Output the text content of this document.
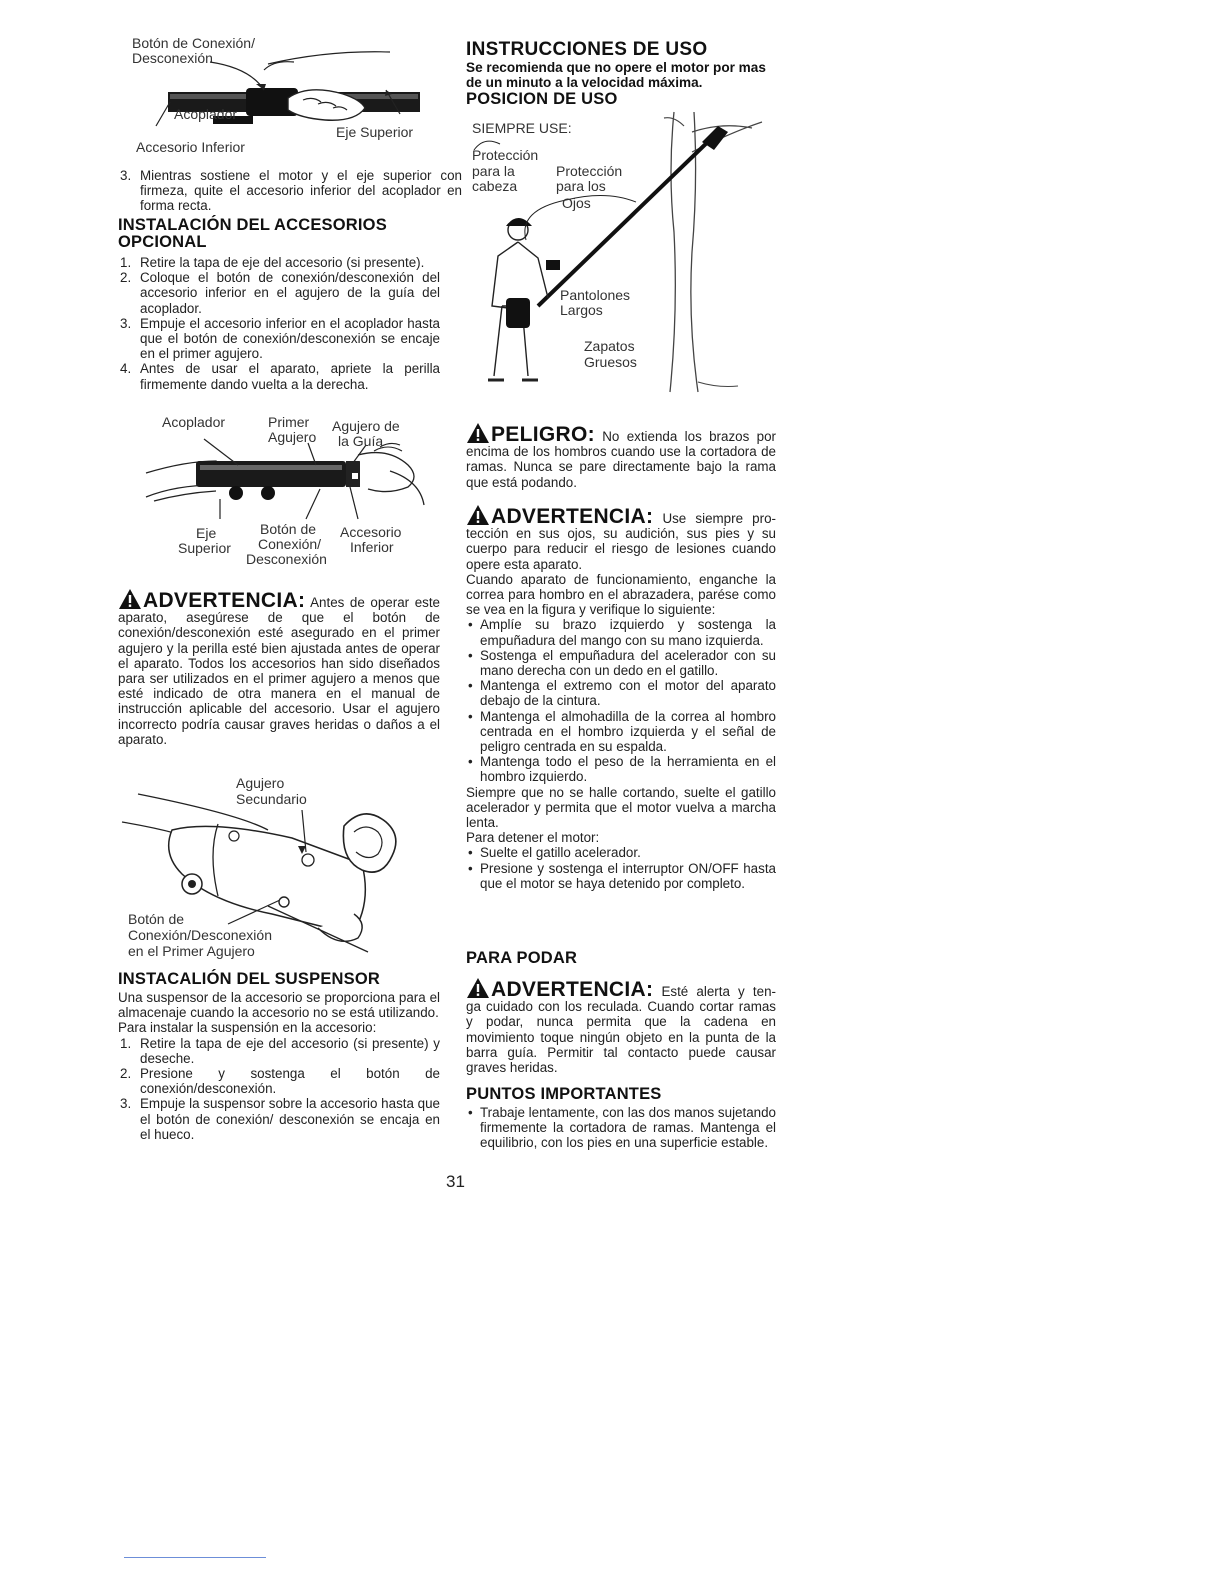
Botón de Conexión/
Desconexión
Acoplador
Eje Superior
Accesorio Inferior
3. Mientras sostiene el motor y el eje superior con firmeza, quite el accesorio inferior del acoplador en forma recta.
INSTALACIÓN DEL ACCESORIOS OPCIONAL
1. Retire la tapa de eje del accesorio (si presente).
2. Coloque el botón de conexión/desconexión del accesorio inferior en el agujero de la guía del acoplador.
3. Empuje el accesorio inferior en el acoplador hasta que el botón de conexión/desconexión se encaje en el primer agujero.
4. Antes de usar el aparato, apriete la perilla firmemente dando vuelta a la derecha.
Acoplador	Primer
Agujero
Agujero de
la Guía
Eje
Superior
Botón de
Conexión/
Desconexión
Accesorio
Inferior
ADVERTENCIA: Antes de operar este aparato, asegúrese de que el botón de conexión/desconexión esté asegurado en el primer agujero y la perilla esté bien ajustada antes de operar el aparato. Todos los accesorios han sido diseñados para ser utilizados en el primer agujero a menos que esté indicado de otra manera en el manual de instrucción aplicable del accesorio. Usar el agujero incorrecto podría causar graves heridas o daños a el aparato.
Agujero
Secundario
Botón de
Conexión/Desconexión
en el Primer Agujero
INSTACALIÓN DEL SUSPENSOR
Una suspensor de la accesorio se proporciona para el almacenaje cuando la accesorio no se está utilizando.
Para instalar la suspensión en la accesorio:
1. Retire la tapa de eje del accesorio (si presente) y deseche.
2. Presione y sostenga el botón de conexión/desconexión.
3. Empuje la suspensor sobre la accesorio hasta que el botón de conexión/ desconexión se encaja en el hueco.
INSTRUCCIONES DE USO
Se recomienda que no opere el motor por mas de un minuto a la velocidad máxima.
POSICION DE USO
SIEMPRE USE:
Protección
para la
cabeza
Protección
para los
Ojos
Pantolones
Largos
Zapatos
Gruesos
PELIGRO: No extienda los brazos por encima de los hombros cuando use la cortadora de ramas. Nunca se pare directamente bajo la rama que está podando.
ADVERTENCIA: Use siempre pro- tección en sus ojos, su audición, sus pies y su cuerpo para reducir el riesgo de lesiones cuando opere esta aparato.
Cuando aparato de funcionamiento, enganche la correa para hombro en el abrazadera, parése como se vea en la figura y verifique lo siguiente:
• Amplíe su brazo izquierdo y sostenga la empuñadura del mango con su mano izquierda.
• Sostenga el empuñadura del acelerador con su mano derecha con un dedo en el gatillo.
• Mantenga el extremo con el motor del aparato debajo de la cintura.
• Mantenga el almohadilla de la correa al hombro centrada en el hombro izquierda y el señal de peligro centrada en su espalda.
• Mantenga todo el peso de la herramienta en el hombro izquierdo.
Siempre que no se halle cortando, suelte el gatillo acelerador y permita que el motor vuelva a marcha lenta.
Para detener el motor:
• Suelte el gatillo acelerador.
• Presione y sostenga el interruptor ON/OFF hasta que el motor se haya detenido por completo.
PARA PODAR
ADVERTENCIA: Esté alerta y ten- ga cuidado con los reculada. Cuando cortar ramas y podar, nunca permita que la cadena en movimiento toque ningún objeto en la punta de la barra guía. Permitir tal contacto puede causar graves heridas.
PUNTOS IMPORTANTES
• Trabaje lentamente, con las dos manos sujetando firmemente la cortadora de ramas. Mantenga el equilibrio, con los pies en una superficie estable.
31
